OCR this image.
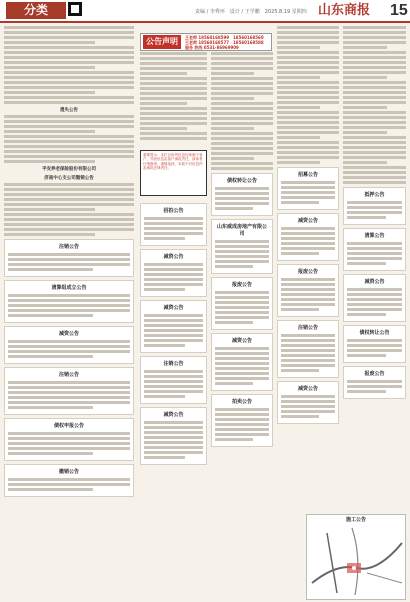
分类	责编 / 李秀环　设计 / 王学鹏　2025.8.19 星期四 山东商报 15
遗失公告
平安养老保险股份有限公司
济南中心支公司撤销公告
注销公告
清算组成立公告
减资公告
注销公告
债权申报公告
撤销公告
公告声明	王老师 18560168599　18560168560
王老师 18560168577　18560168588
服务 热线 0531-86969909
重要提示：本栏目所刊信息均来源于客户，刊登信息由客户承担责任，请读者仔细甄别，谨慎选择，本报不对信息内容承担法律责任。
招拍公告
减资公告
减资公告
注销公告
减资公告
债权转让公告
山东威成房地产有限公司
报废公告
减资公告
拍卖公告
招募公告
减资公告
报废公告
注销公告
减资公告
抵押公告
清算公告
减资公告
债权转让公告
报废公告
施工公告
